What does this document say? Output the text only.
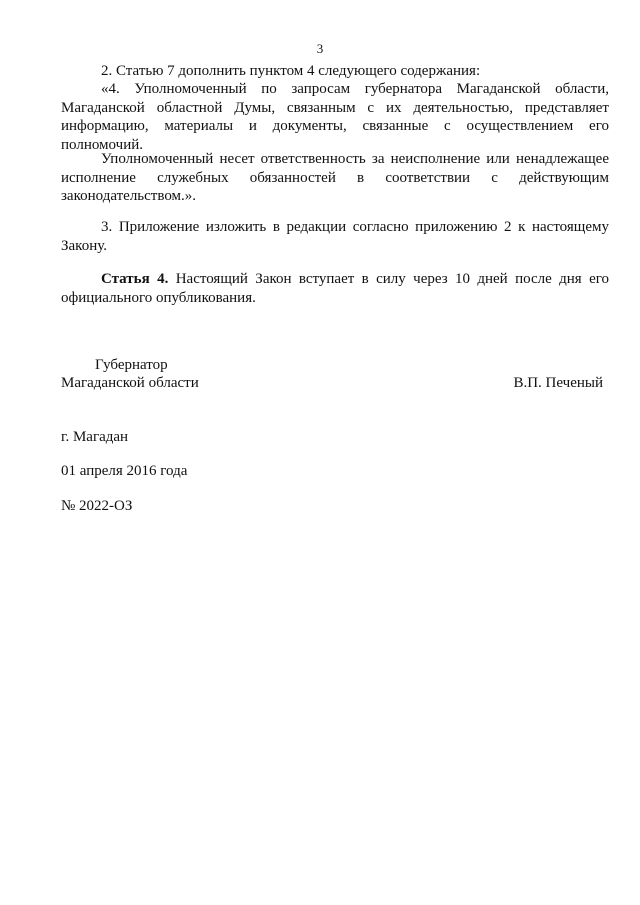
3
2. Статью 7 дополнить пунктом 4 следующего содержания:
«4. Уполномоченный по запросам губернатора Магаданской области, Магаданской областной Думы, связанным с их деятельностью, представляет информацию, материалы и документы, связанные с осуществлением его полномочий.
Уполномоченный несет ответственность за неисполнение или ненадлежащее исполнение служебных обязанностей в соответствии с действующим законодательством.».
3. Приложение изложить в редакции согласно приложению 2 к настоящему Закону.
Статья 4. Настоящий Закон вступает в силу через 10 дней после дня его официального опубликования.
Губернатор
Магаданской области	В.П. Печеный
г. Магадан
01 апреля 2016 года
№ 2022-ОЗ
